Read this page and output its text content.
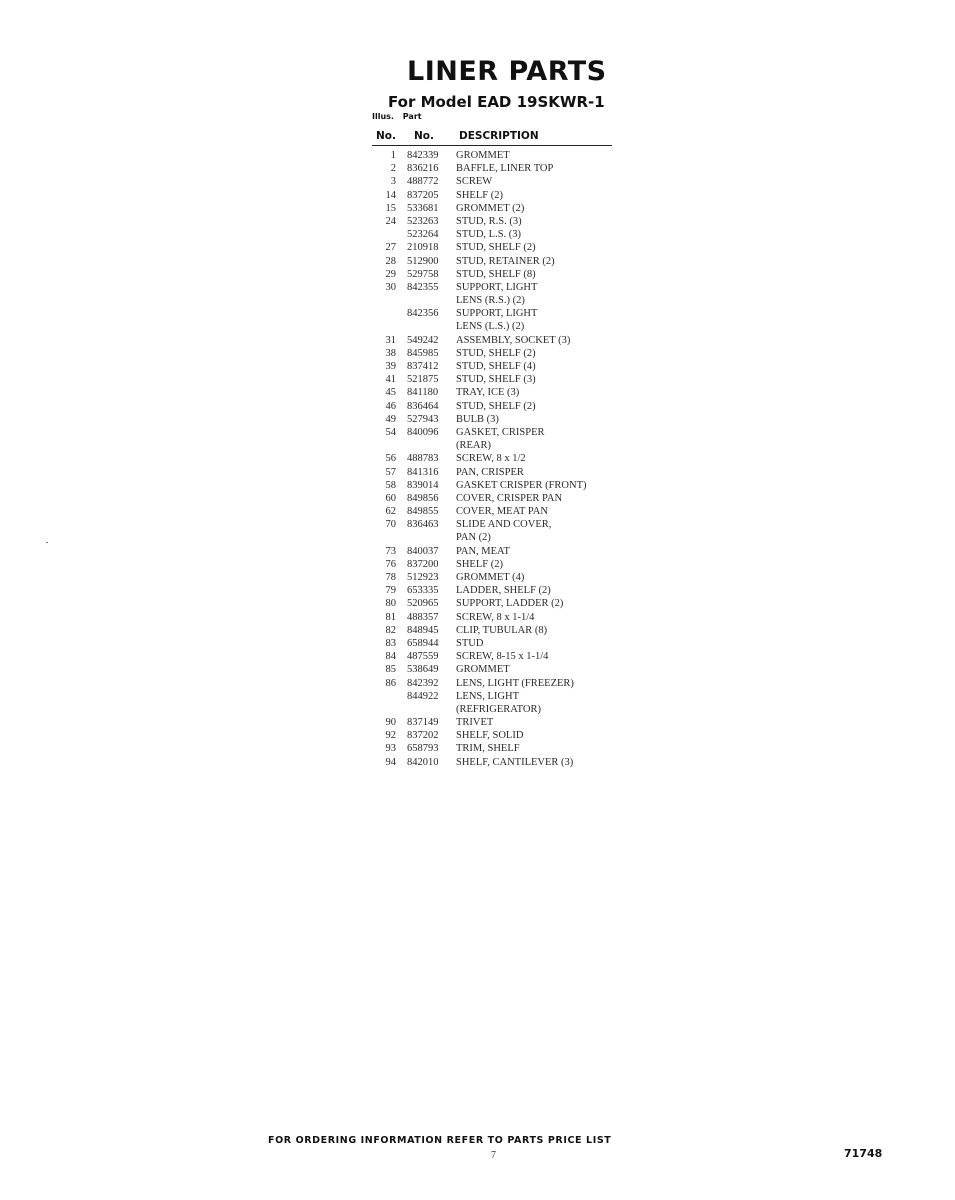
LINER PARTS
For Model EAD 19SKWR-1
Illus. Part
No. No. DESCRIPTION
1 842339 GROMMET
2 836216 BAFFLE, LINER TOP
3 488772 SCREW
14 837205 SHELF (2)
15 533681 GROMMET (2)
24 523263 STUD, R.S. (3)
523264 STUD, L.S. (3)
27 210918 STUD, SHELF (2)
28 512900 STUD, RETAINER (2)
29 529758 STUD, SHELF (8)
30 842355 SUPPORT, LIGHT
LENS (R.S.) (2)
842356 SUPPORT, LIGHT
LENS (L.S.) (2)
31 549242 ASSEMBLY, SOCKET (3)
38 845985 STUD, SHELF (2)
39 837412 STUD, SHELF (4)
41 521875 STUD, SHELF (3)
45 841180 TRAY, ICE (3)
46 836464 STUD, SHELF (2)
49 527943 BULB (3)
54 840096 GASKET, CRISPER
(REAR)
56 488783 SCREW, 8 x 1/2
57 841316 PAN, CRISPER
58 839014 GASKET CRISPER (FRONT)
60 849856 COVER, CRISPER PAN
62 849855 COVER, MEAT PAN
70 836463 SLIDE AND COVER,
PAN (2)
73 840037 PAN, MEAT
76 837200 SHELF (2)
78 512923 GROMMET (4)
79 653335 LADDER, SHELF (2)
80 520965 SUPPORT, LADDER (2)
81 488357 SCREW, 8 x 1-1/4
82 848945 CLIP, TUBULAR (8)
83 658944 STUD
84 487559 SCREW, 8-15 x 1-1/4
85 538649 GROMMET
86 842392 LENS, LIGHT (FREEZER)
844922 LENS, LIGHT
(REFRIGERATOR)
90 837149 TRIVET
92 837202 SHELF, SOLID
93 658793 TRIM, SHELF
94 842010 SHELF, CANTILEVER (3)
FOR ORDERING INFORMATION REFER TO PARTS PRICE LIST
7	71748
